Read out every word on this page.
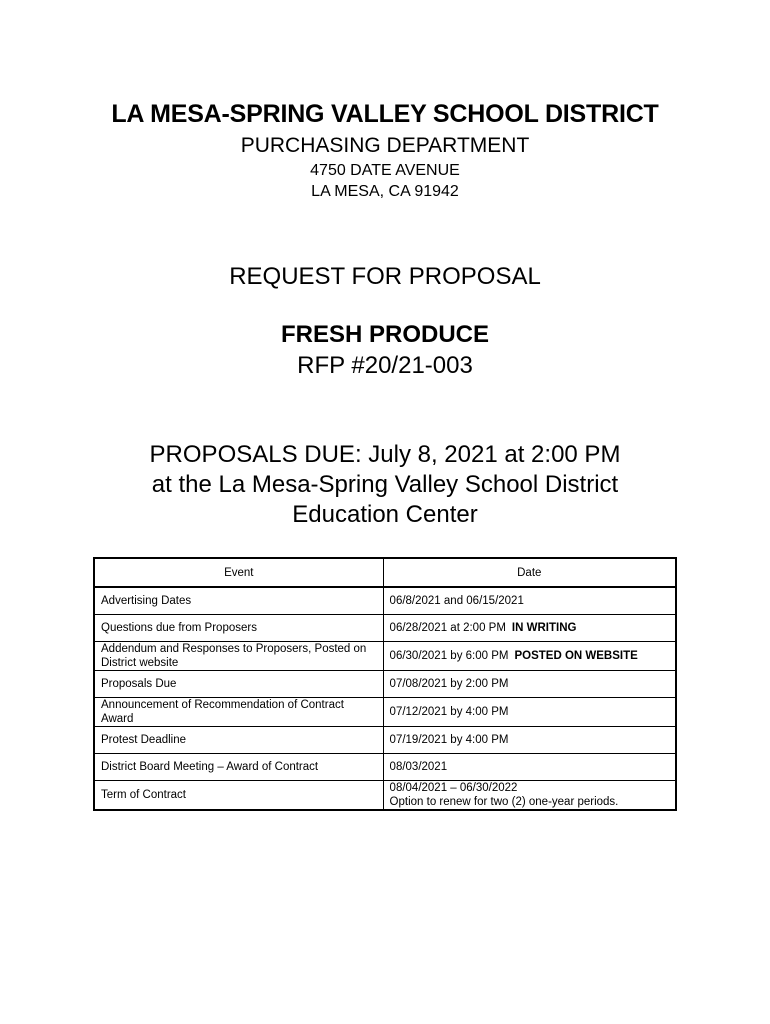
LA MESA-SPRING VALLEY SCHOOL DISTRICT
PURCHASING DEPARTMENT
4750 DATE AVENUE
LA MESA, CA 91942
REQUEST FOR PROPOSAL
FRESH PRODUCE
RFP #20/21-003
PROPOSALS DUE: July 8, 2021 at 2:00 PM
at the La Mesa-Spring Valley School District
Education Center
Event	Date
Advertising Dates	06/8/2021 and 06/15/2021
Questions due from Proposers	06/28/2021 at 2:00 PM IN WRITING
Addendum and Responses to Proposers, Posted on District website	06/30/2021 by 6:00 PM POSTED ON WEBSITE
Proposals Due	07/08/2021 by 2:00 PM
Announcement of Recommendation of Contract Award	07/12/2021 by 4:00 PM
Protest Deadline	07/19/2021 by 4:00 PM
District Board Meeting – Award of Contract	08/03/2021
Term of Contract	08/04/2021 – 06/30/2022
Option to renew for two (2) one-year periods.
